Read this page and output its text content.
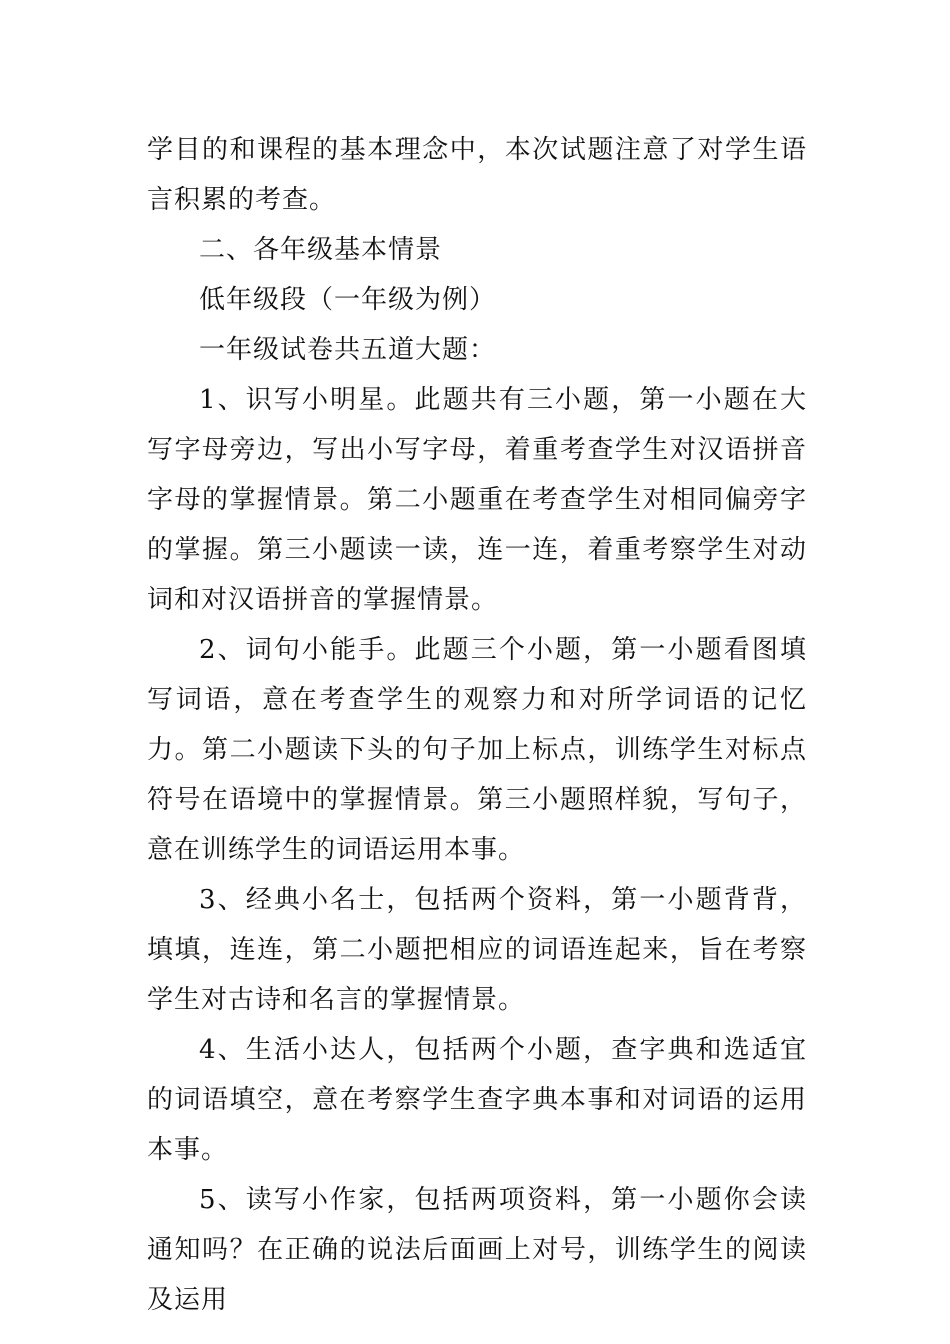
学目的和课程的基本理念中，本次试题注意了对学生语言积累的考查。

二、各年级基本情景

低年级段（一年级为例）

一年级试卷共五道大题：

1、识写小明星。此题共有三小题，第一小题在大写字母旁边，写出小写字母，着重考查学生对汉语拼音字母的掌握情景。第二小题重在考查学生对相同偏旁字的掌握。第三小题读一读，连一连，着重考察学生对动词和对汉语拼音的掌握情景。

2、词句小能手。此题三个小题，第一小题看图填写词语，意在考查学生的观察力和对所学词语的记忆力。第二小题读下头的句子加上标点，训练学生对标点符号在语境中的掌握情景。第三小题照样貌，写句子，意在训练学生的词语运用本事。

3、经典小名士，包括两个资料，第一小题背背，填填，连连，第二小题把相应的词语连起来，旨在考察学生对古诗和名言的掌握情景。

4、生活小达人，包括两个小题，查字典和选适宜的词语填空，意在考察学生查字典本事和对词语的运用本事。

5、读写小作家，包括两项资料，第一小题你会读通知吗？在正确的说法后面画上对号，训练学生的阅读及运用
